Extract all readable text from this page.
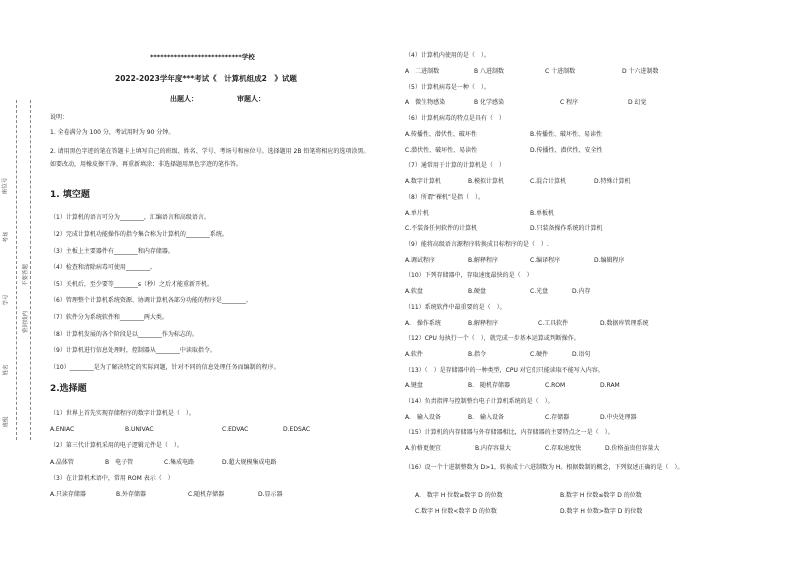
座位号
考场
不要答题
学号
密封线内
姓名
班级
***************************学校
2022-2023学年度***考试《　计算机组成2　》试题
出题人：	审题人：
说明：
1. 全卷满分为 100 分，考试用时为 90 分钟。
2. 请用黑色字迹的笔在答题卡上填写自己的班级、姓名、学号、考场号和座位号。选择题用 2B 铅笔将相应的选项涂黑。如要改动，用橡皮擦干净，再重新填涂；非选择题用黑色字迹的笔作答。
1. 填空题
（1）计算机的语言可分为________，汇编语言和高级语言。
（2）完成计算机功能操作的指令集合称为计算机的________系统。
（3）主板上主要器件有________和内存储器。
（4）检查和清除病毒可使用________。
（5）关机后，至少要等________s（秒）之后才能重新开机。
（6）管理整个计算机系统资源、协调计算机各部分功能的程序是________。
（7）软件分为系统软件和________两大类。
（8）计算机发展的各个阶段是以________作为标志的。
（9）计算机进行信息处理时，控制器从________中读取指令。
（10）________是为了解决特定的实际问题，针对不同的信息处理任务而编制的程序。
2.选择题
（1）世界上首先实现存储程序的数字计算机是（　）。
A.ENIAC	B.UNIVAC	C.EDVAC	D.EDSAC
（2）第三代计算机采用的电子逻辑元件是（　）。
A.晶体管	B　电子管	C.集成电路	D.超大规模集成电路
（3）在计算机术语中，常用 ROM 表示（　）
A.只读存储器	B.外存储器	C.随机存储器	D.显示器
（4）计算机内使用的是（　）。
A　二进制数	B 八进制数	C 十进制数	D 十六进制数
（5）计算机病毒是一种（　）。
A　微生物感染	B 化学感染	C 程序	D 幻觉
（6）计算机病毒的特点是具有（　）
A.传播性、潜伏性、破坏性	B.传播性、破坏性、易读性
C.潜伏性、破坏性、易读性	D.传播性、潜伏性、安全性
（7）通常用于计算的计算机是（　）
A.数字计算机	B.模拟计算机	C.混合计算机	D.特殊计算机
（8）所谓“裸机”是指（　）。
A.单片机	B.单板机
C.不装备任何软件的计算机	D.只装备操作系统的计算机
（9）能将高级语言源程序转换成目标程序的是（　）.
A.调试程序	B.解释程序	C.编译程序	D.编辑程序
（10）下列存储器中，存取速度最快的是（　）
A.软盘	B.硬盘	C.光盘	D.内存
（11）系统软件中最重要的是（　）。
A.　操作系统	B.解释程序	C.工具软件	D.数据库管理系统
（12）CPU 每执行一个（　），就完成一步基本运算或判断操作。
A.软件	B.指令	C.硬件	D.语句
（13）（　）是存储器中的一种类型，CPU 对它们只能读取不能写入内容。
A.键盘	B.　随机存储器	C.ROM	D.RAM
（14）负责指挥与控制整台电子计算机系统的是（　）。
A.　输入设备	B.　输入设备	C.存储器	D.中央处理器
（15）计算机的内存储器与外存储器相比，内存储器的主要特点之一是（　）。
A.价格更便宜	B.内存容量大	C.存取速度快	D.价格虽贵但容量大
（16）设一个十进制整数为 D>1，转换成十六进制数为 H。根据数制的概念，下列叙述正确的是（　）。
A.　数字 H 位数≥数字 D 的位数	B.数字 H 位数≤数字 D 的位数
C.数字 H 位数<数字 D 的位数	D.数字 H 位数>数字 D 的位数
